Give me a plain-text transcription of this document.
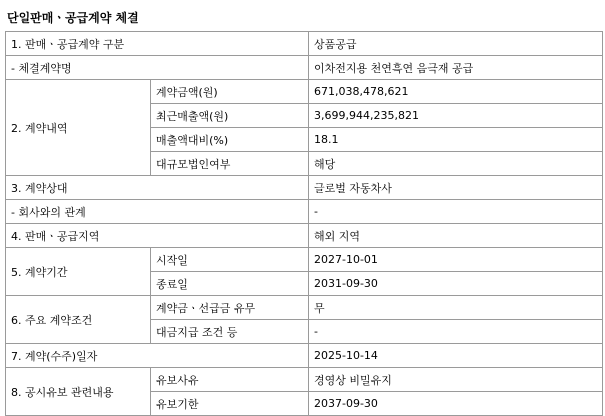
단일판매ㆍ공급계약 체결
1. 판매ㆍ공급계약 구분		상품공급
- 체결계약명		이차전지용 천연흑연 음극재 공급
2. 계약내역	계약금액(원)	671,038,478,621
	최근매출액(원)	3,699,944,235,821
	매출액대비(%)	18.1
	대규모법인여부	해당
3. 계약상대		글로벌 자동차사
- 회사와의 관계		-
4. 판매ㆍ공급지역		해외 지역
5. 계약기간	시작일	2027-10-01
	종료일	2031-09-30
6. 주요 계약조건	계약금ㆍ선급금 유무	무
	대금지급 조건 등	-
7. 계약(수주)일자		2025-10-14
8. 공시유보 관련내용	유보사유	경영상 비밀유지
	유보기한	2037-09-30
